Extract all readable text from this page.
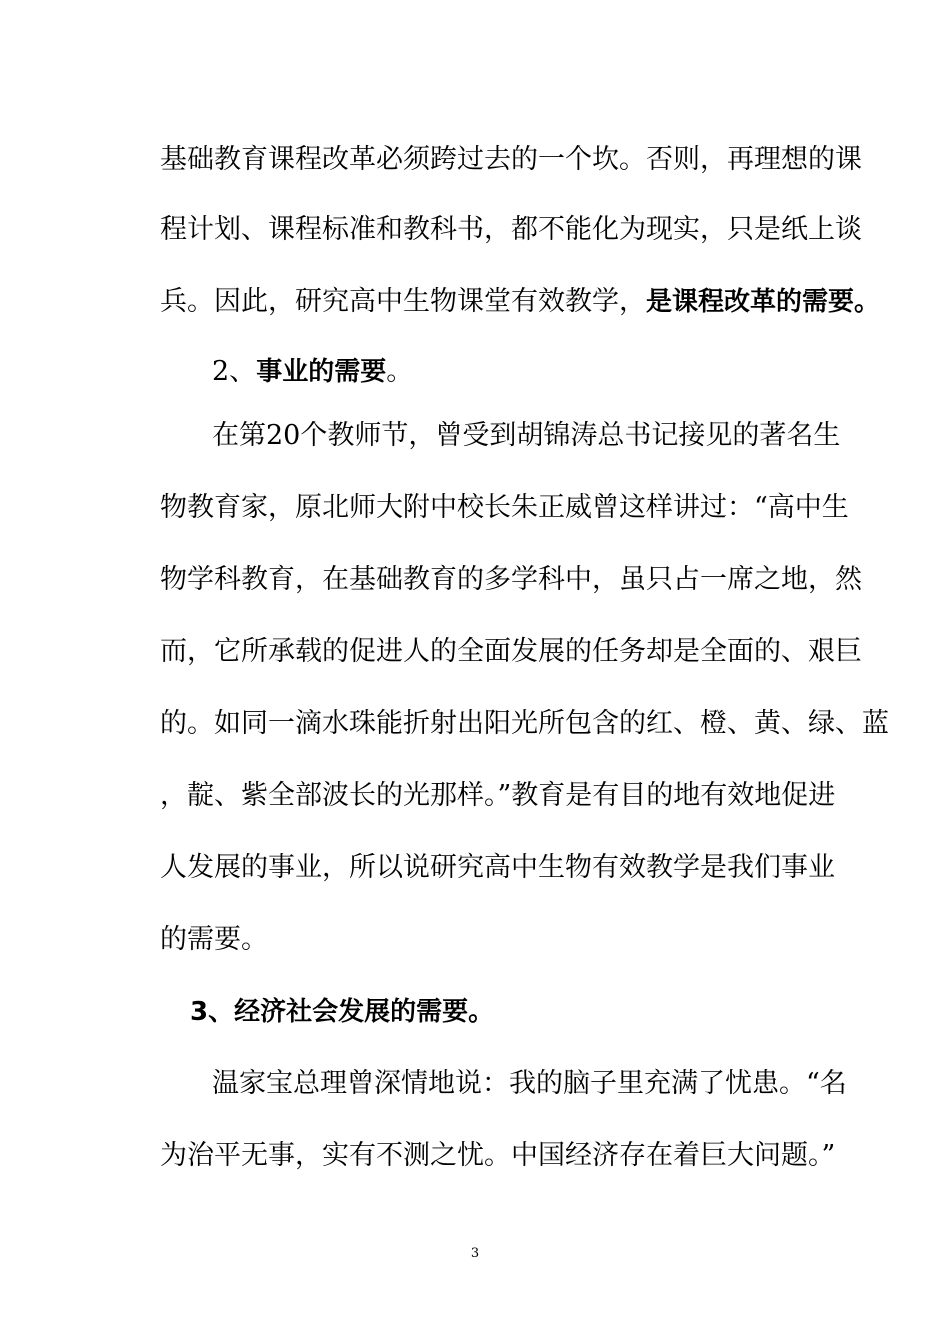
基础教育课程改革必须跨过去的一个坎。否则，再理想的课
程计划、课程标准和教科书，都不能化为现实，只是纸上谈
兵。因此，研究高中生物课堂有效教学，是课程改革的需要。
2、事业的需要。
在第20个教师节，曾受到胡锦涛总书记接见的著名生
物教育家，原北师大附中校长朱正威曾这样讲过：“高中生
物学科教育，在基础教育的多学科中，虽只占一席之地，然
而，它所承载的促进人的全面发展的任务却是全面的、艰巨
的。如同一滴水珠能折射出阳光所包含的红、橙、黄、绿、蓝
，靛、紫全部波长的光那样。”教育是有目的地有效地促进
人发展的事业，所以说研究高中生物有效教学是我们事业
的需要。
3、经济社会发展的需要。
温家宝总理曾深情地说：我的脑子里充满了忧患。“名
为治平无事，实有不测之忧。中国经济存在着巨大问题。”
3
